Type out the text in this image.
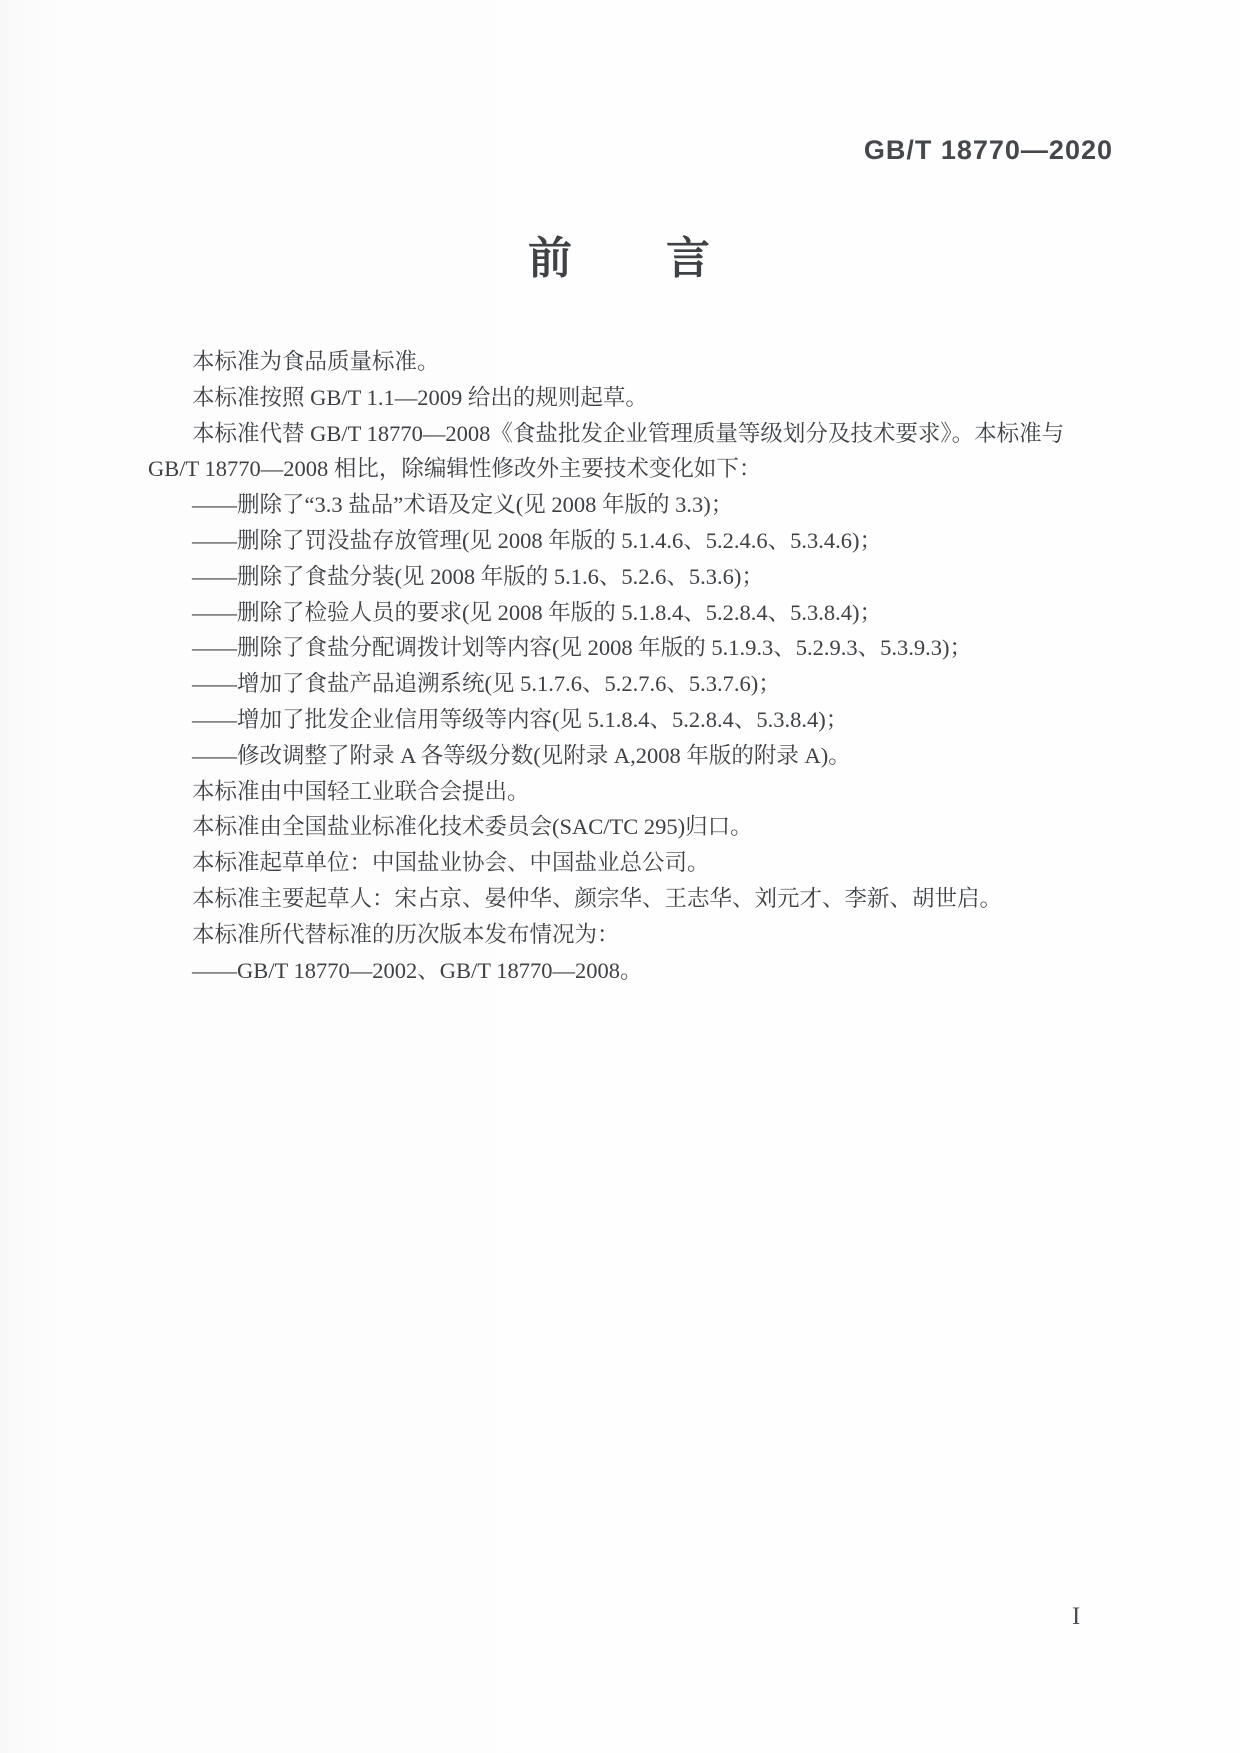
GB/T 18770—2020
前　　言
本标准为食品质量标准。
本标准按照 GB/T 1.1—2009 给出的规则起草。
本标准代替 GB/T 18770—2008《食盐批发企业管理质量等级划分及技术要求》。本标准与
GB/T 18770—2008 相比，除编辑性修改外主要技术变化如下：
——删除了“3.3 盐品”术语及定义(见 2008 年版的 3.3)；
——删除了罚没盐存放管理(见 2008 年版的 5.1.4.6、5.2.4.6、5.3.4.6)；
——删除了食盐分装(见 2008 年版的 5.1.6、5.2.6、5.3.6)；
——删除了检验人员的要求(见 2008 年版的 5.1.8.4、5.2.8.4、5.3.8.4)；
——删除了食盐分配调拨计划等内容(见 2008 年版的 5.1.9.3、5.2.9.3、5.3.9.3)；
——增加了食盐产品追溯系统(见 5.1.7.6、5.2.7.6、5.3.7.6)；
——增加了批发企业信用等级等内容(见 5.1.8.4、5.2.8.4、5.3.8.4)；
——修改调整了附录 A 各等级分数(见附录 A,2008 年版的附录 A)。
本标准由中国轻工业联合会提出。
本标准由全国盐业标准化技术委员会(SAC/TC 295)归口。
本标准起草单位：中国盐业协会、中国盐业总公司。
本标准主要起草人：宋占京、晏仲华、颜宗华、王志华、刘元才、李新、胡世启。
本标准所代替标准的历次版本发布情况为：
——GB/T 18770—2002、GB/T 18770—2008。
I
